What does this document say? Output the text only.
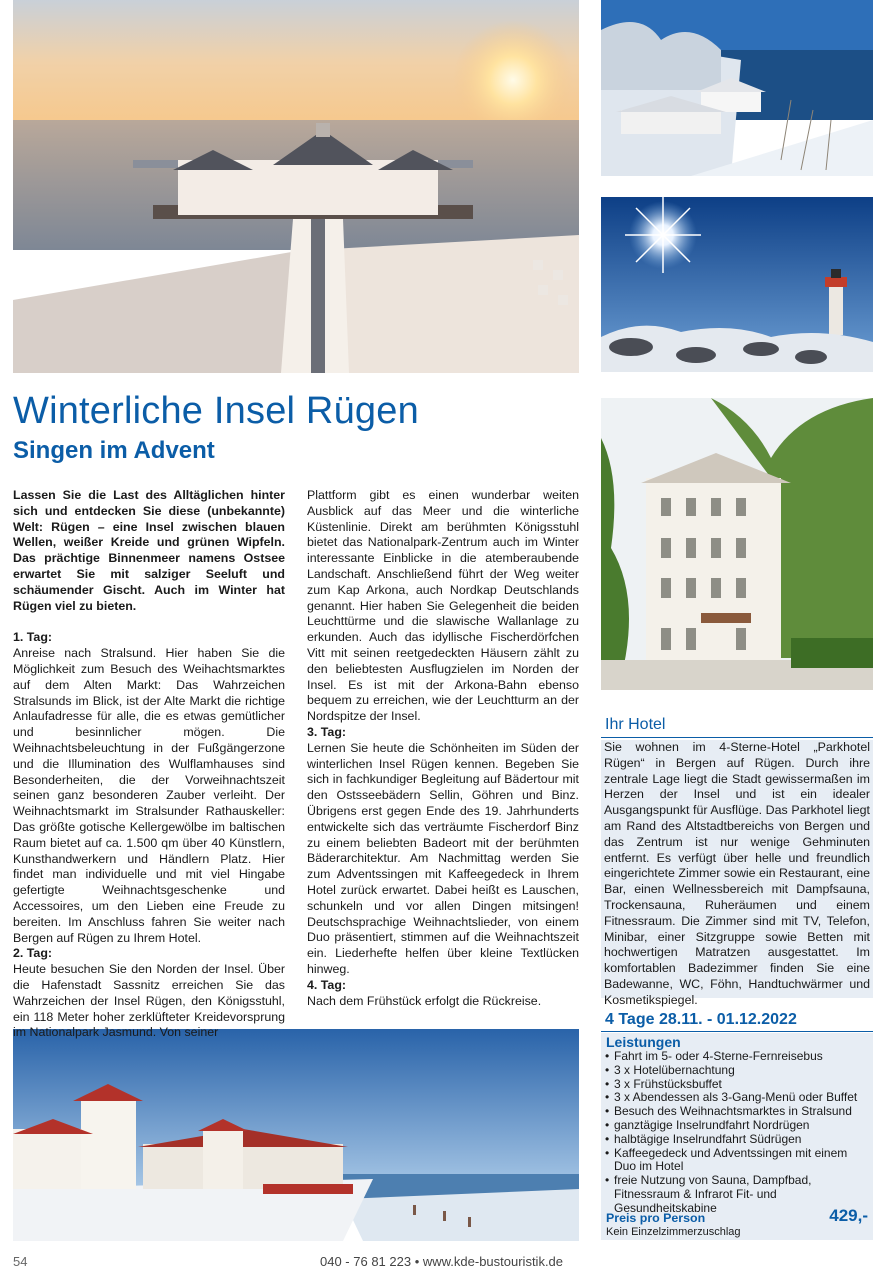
Winterliche Insel Rügen
Singen im Advent

Lassen Sie die Last des Alltäglichen hinter sich und entdecken Sie diese (unbekannte) Welt: Rügen – eine Insel zwischen blauen Wellen, weißer Kreide und grünen Wipfeln. Das prächtige Binnenmeer namens Ostsee erwartet Sie mit salziger Seeluft und schäumender Gischt. Auch im Winter hat Rügen viel zu bieten.

1. Tag:

Anreise nach Stralsund. Hier haben Sie die Möglichkeit zum Besuch des Weihachtsmarktes auf dem Alten Markt: Das Wahrzeichen Stralsunds im Blick, ist der Alte Markt die richtige Anlaufadresse für alle, die es etwas gemütlicher und besinnlicher mögen. Die Weihnachtsbeleuchtung in der Fußgängerzone und die Illumination des Wulflamhauses sind Besonderheiten, die der Vorweihnachtszeit seinen ganz besonderen Zauber verleiht. Der Weihnachtsmarkt im Stralsunder Rathauskeller: Das größte gotische Kellergewölbe im baltischen Raum bietet auf ca. 1.500 qm über 40 Künstlern, Kunsthandwerkern und Händlern Platz. Hier findet man individuelle und mit viel Hingabe gefertigte Weihnachtsgeschenke und Accessoires, um den Lieben eine Freude zu bereiten. Im Anschluss fahren Sie weiter nach Bergen auf Rügen zu Ihrem Hotel.

2. Tag:

Heute besuchen Sie den Norden der Insel. Über die Hafenstadt Sassnitz erreichen Sie das Wahrzeichen der Insel Rügen, den Königsstuhl, ein 118 Meter hoher zerklüfteter Kreidevorsprung im Nationalpark Jasmund. Von seiner

Plattform gibt es einen wunderbar weiten Ausblick auf das Meer und die winterliche Küstenlinie. Direkt am berühmten Königsstuhl bietet das Nationalpark-Zentrum auch im Winter interessante Einblicke in die atemberaubende Landschaft. Anschließend führt der Weg weiter zum Kap Arkona, auch Nordkap Deutschlands genannt. Hier haben Sie Gelegenheit die beiden Leuchttürme und die slawische Wallanlage zu erkunden. Auch das idyllische Fischerdörfchen Vitt mit seinen reetgedeckten Häusern zählt zu den beliebtesten Ausflugzielen im Norden der Insel. Es ist mit der Arkona-Bahn ebenso bequem zu erreichen, wie der Leuchtturm an der Nordspitze der Insel.

3. Tag:

Lernen Sie heute die Schönheiten im Süden der winterlichen Insel Rügen kennen. Begeben Sie sich in fachkundiger Begleitung auf Bädertour mit den Ostsseebädern Sellin, Göhren und Binz. Übrigens erst gegen Ende des 19. Jahrhunderts entwickelte sich das verträumte Fischerdorf Binz zu einem beliebten Badeort mit der berühmten Bäderarchitektur. Am Nachmittag werden Sie zum Adventssingen mit Kaffeegedeck in Ihrem Hotel zurück erwartet. Dabei heißt es Lauschen, schunkeln und vor allen Dingen mitsingen! Deutschsprachige Weihnachtslieder, von einem Duo präsentiert, stimmen auf die Weihnachtszeit ein. Liederhefte helfen über kleine Textlücken hinweg.

4. Tag:

Nach dem Frühstück erfolgt die Rückreise.

Ihr Hotel

Sie wohnen im 4-Sterne-Hotel „Parkhotel Rügen“ in Bergen auf Rügen. Durch ihre zentrale Lage liegt die Stadt gewissermaßen im Herzen der Insel und ist ein idealer Ausgangspunkt für Ausflüge. Das Parkhotel liegt am Rand des Altstadtbereichs von Bergen und das Zentrum ist nur wenige Gehminuten entfernt. Es verfügt über helle und freundlich eingerichtete Zimmer sowie ein Restaurant, eine Bar, einen Wellnessbereich mit Dampfsauna, Trockensauna, Ruheräumen und einem Fitnessraum. Die Zimmer sind mit TV, Telefon, Minibar, einer Sitzgruppe sowie Betten mit hochwertigen Matratzen ausgestattet. Im komfortablen Badezimmer finden Sie eine Badewanne, WC, Föhn, Handtuchwärmer und Kosmetikspiegel.

4 Tage 28.11. - 01.12.2022
Leistungen
• Fahrt im 5- oder 4-Sterne-Fernreisebus
• 3 x Hotelübernachtung
• 3 x Frühstücksbuffet
• 3 x Abendessen als 3-Gang-Menü oder Buffet
• Besuch des Weihnachtsmarktes in Stralsund
• ganztägige Inselrundfahrt Nordrügen
• halbtägige Inselrundfahrt Südrügen
• Kaffeegedeck und Adventssingen mit einem Duo im Hotel
• freie Nutzung von Sauna, Dampfbad, Fitnessraum & Infrarot Fit- und Gesundheitskabine
Preis pro Person	429,-
Kein Einzelzimmerzuschlag
54	040 - 76 81 223 • www.kde-bustouristik.de
